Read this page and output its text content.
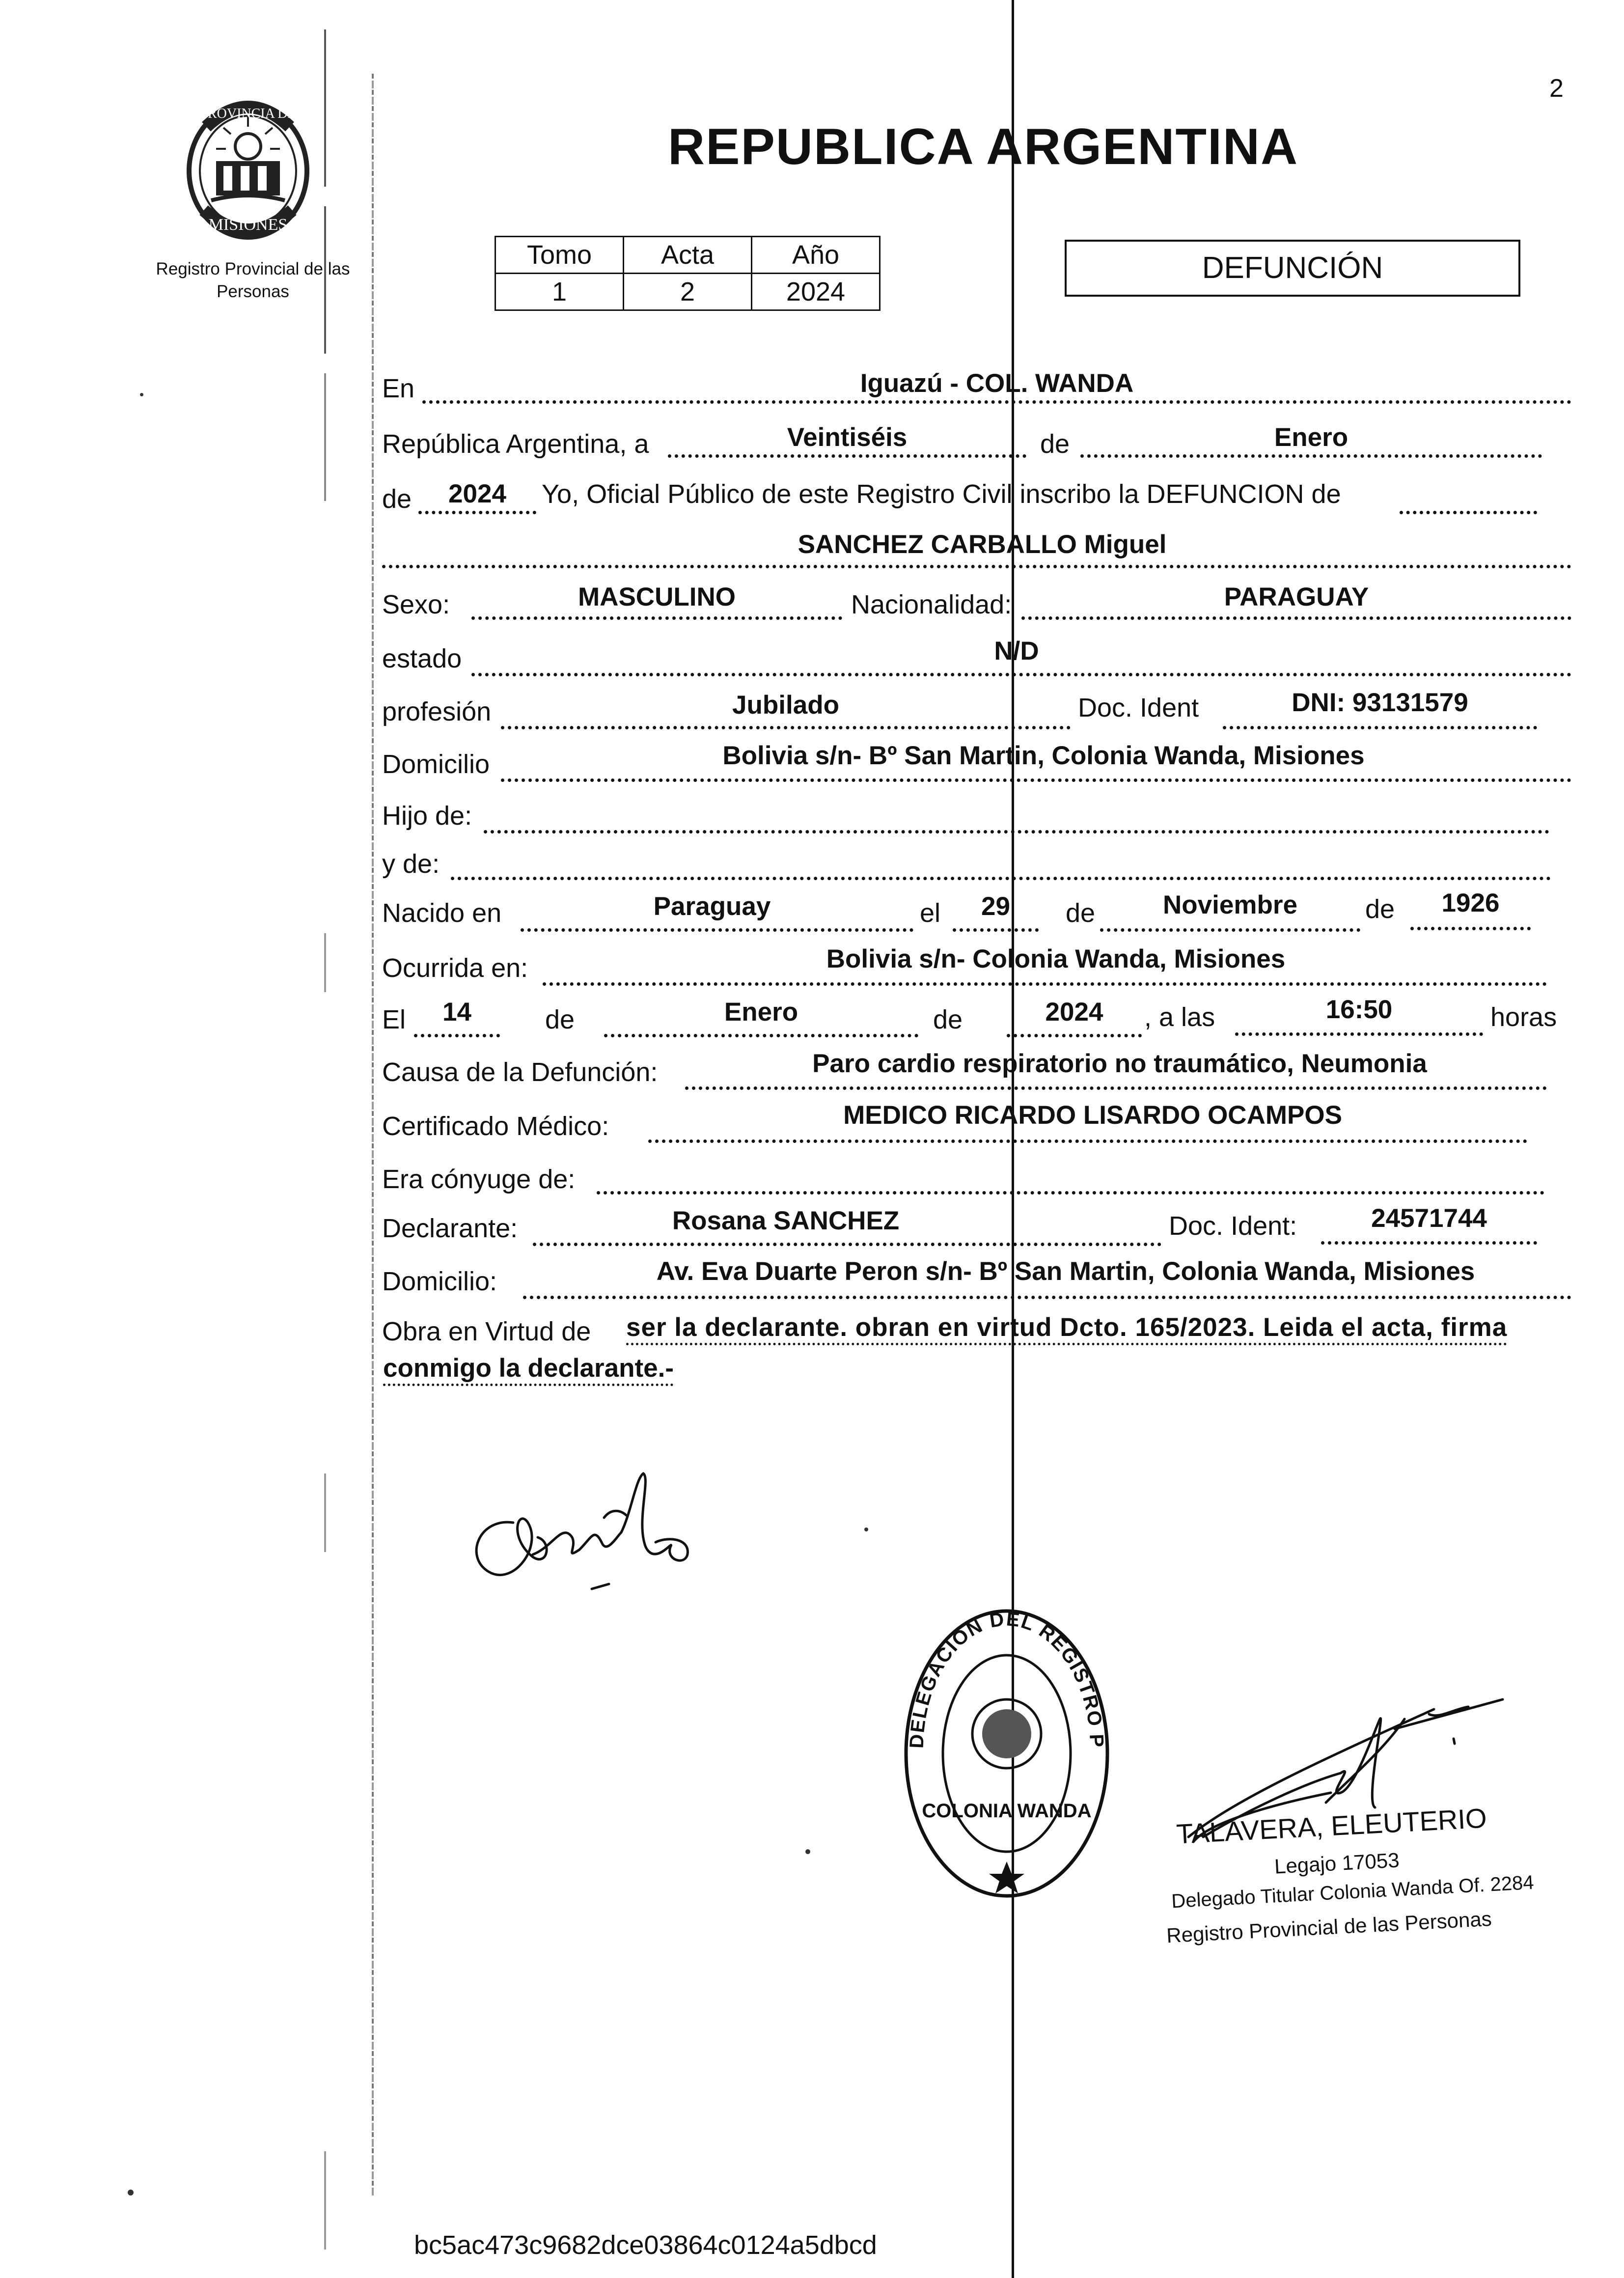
2
PROVINCIA DE
MISIONES
Registro Provincial de las Personas
REPUBLICA ARGENTINA
Tomo	Acta	Año
1	2	2024
DEFUNCIÓN
En	Iguazú - COL. WANDA
República Argentina, a	Veintiséis	de	Enero
de	2024	Yo, Oficial Público de este Registro Civil inscribo la DEFUNCION de
SANCHEZ CARBALLO Miguel
Sexo:	MASCULINO	Nacionalidad:	PARAGUAY
estado	N/D
profesión	Jubilado	Doc. Ident	DNI: 93131579
Domicilio	Bolivia s/n- Bº San Martin, Colonia Wanda, Misiones
Hijo de:
y de:
Nacido en	Paraguay	el	29	de	Noviembre	de	1926
Ocurrida en:	Bolivia s/n- Colonia Wanda, Misiones
El	14	de	Enero	de	2024	, a las	16:50	horas
Causa de la Defunción:	Paro cardio respiratorio no traumático, Neumonia
Certificado Médico:	MEDICO RICARDO LISARDO OCAMPOS
Era cónyuge de:
Declarante:	Rosana SANCHEZ	Doc. Ident:	24571744
Domicilio:	Av. Eva Duarte Peron s/n- Bº San Martin, Colonia Wanda, Misiones
Obra en Virtud de ser la declarante. obran en virtud Dcto. 165/2023. Leida el acta, firma
conmigo la declarante.-
DELEGACION DEL REGISTRO P
COLONIA WANDA	TALAVERA, ELEUTERIO
Legajo 17053
Delegado Titular Colonia Wanda Of. 2284
Registro Provincial de las Personas
bc5ac473c9682dce03864c0124a5dbcd
